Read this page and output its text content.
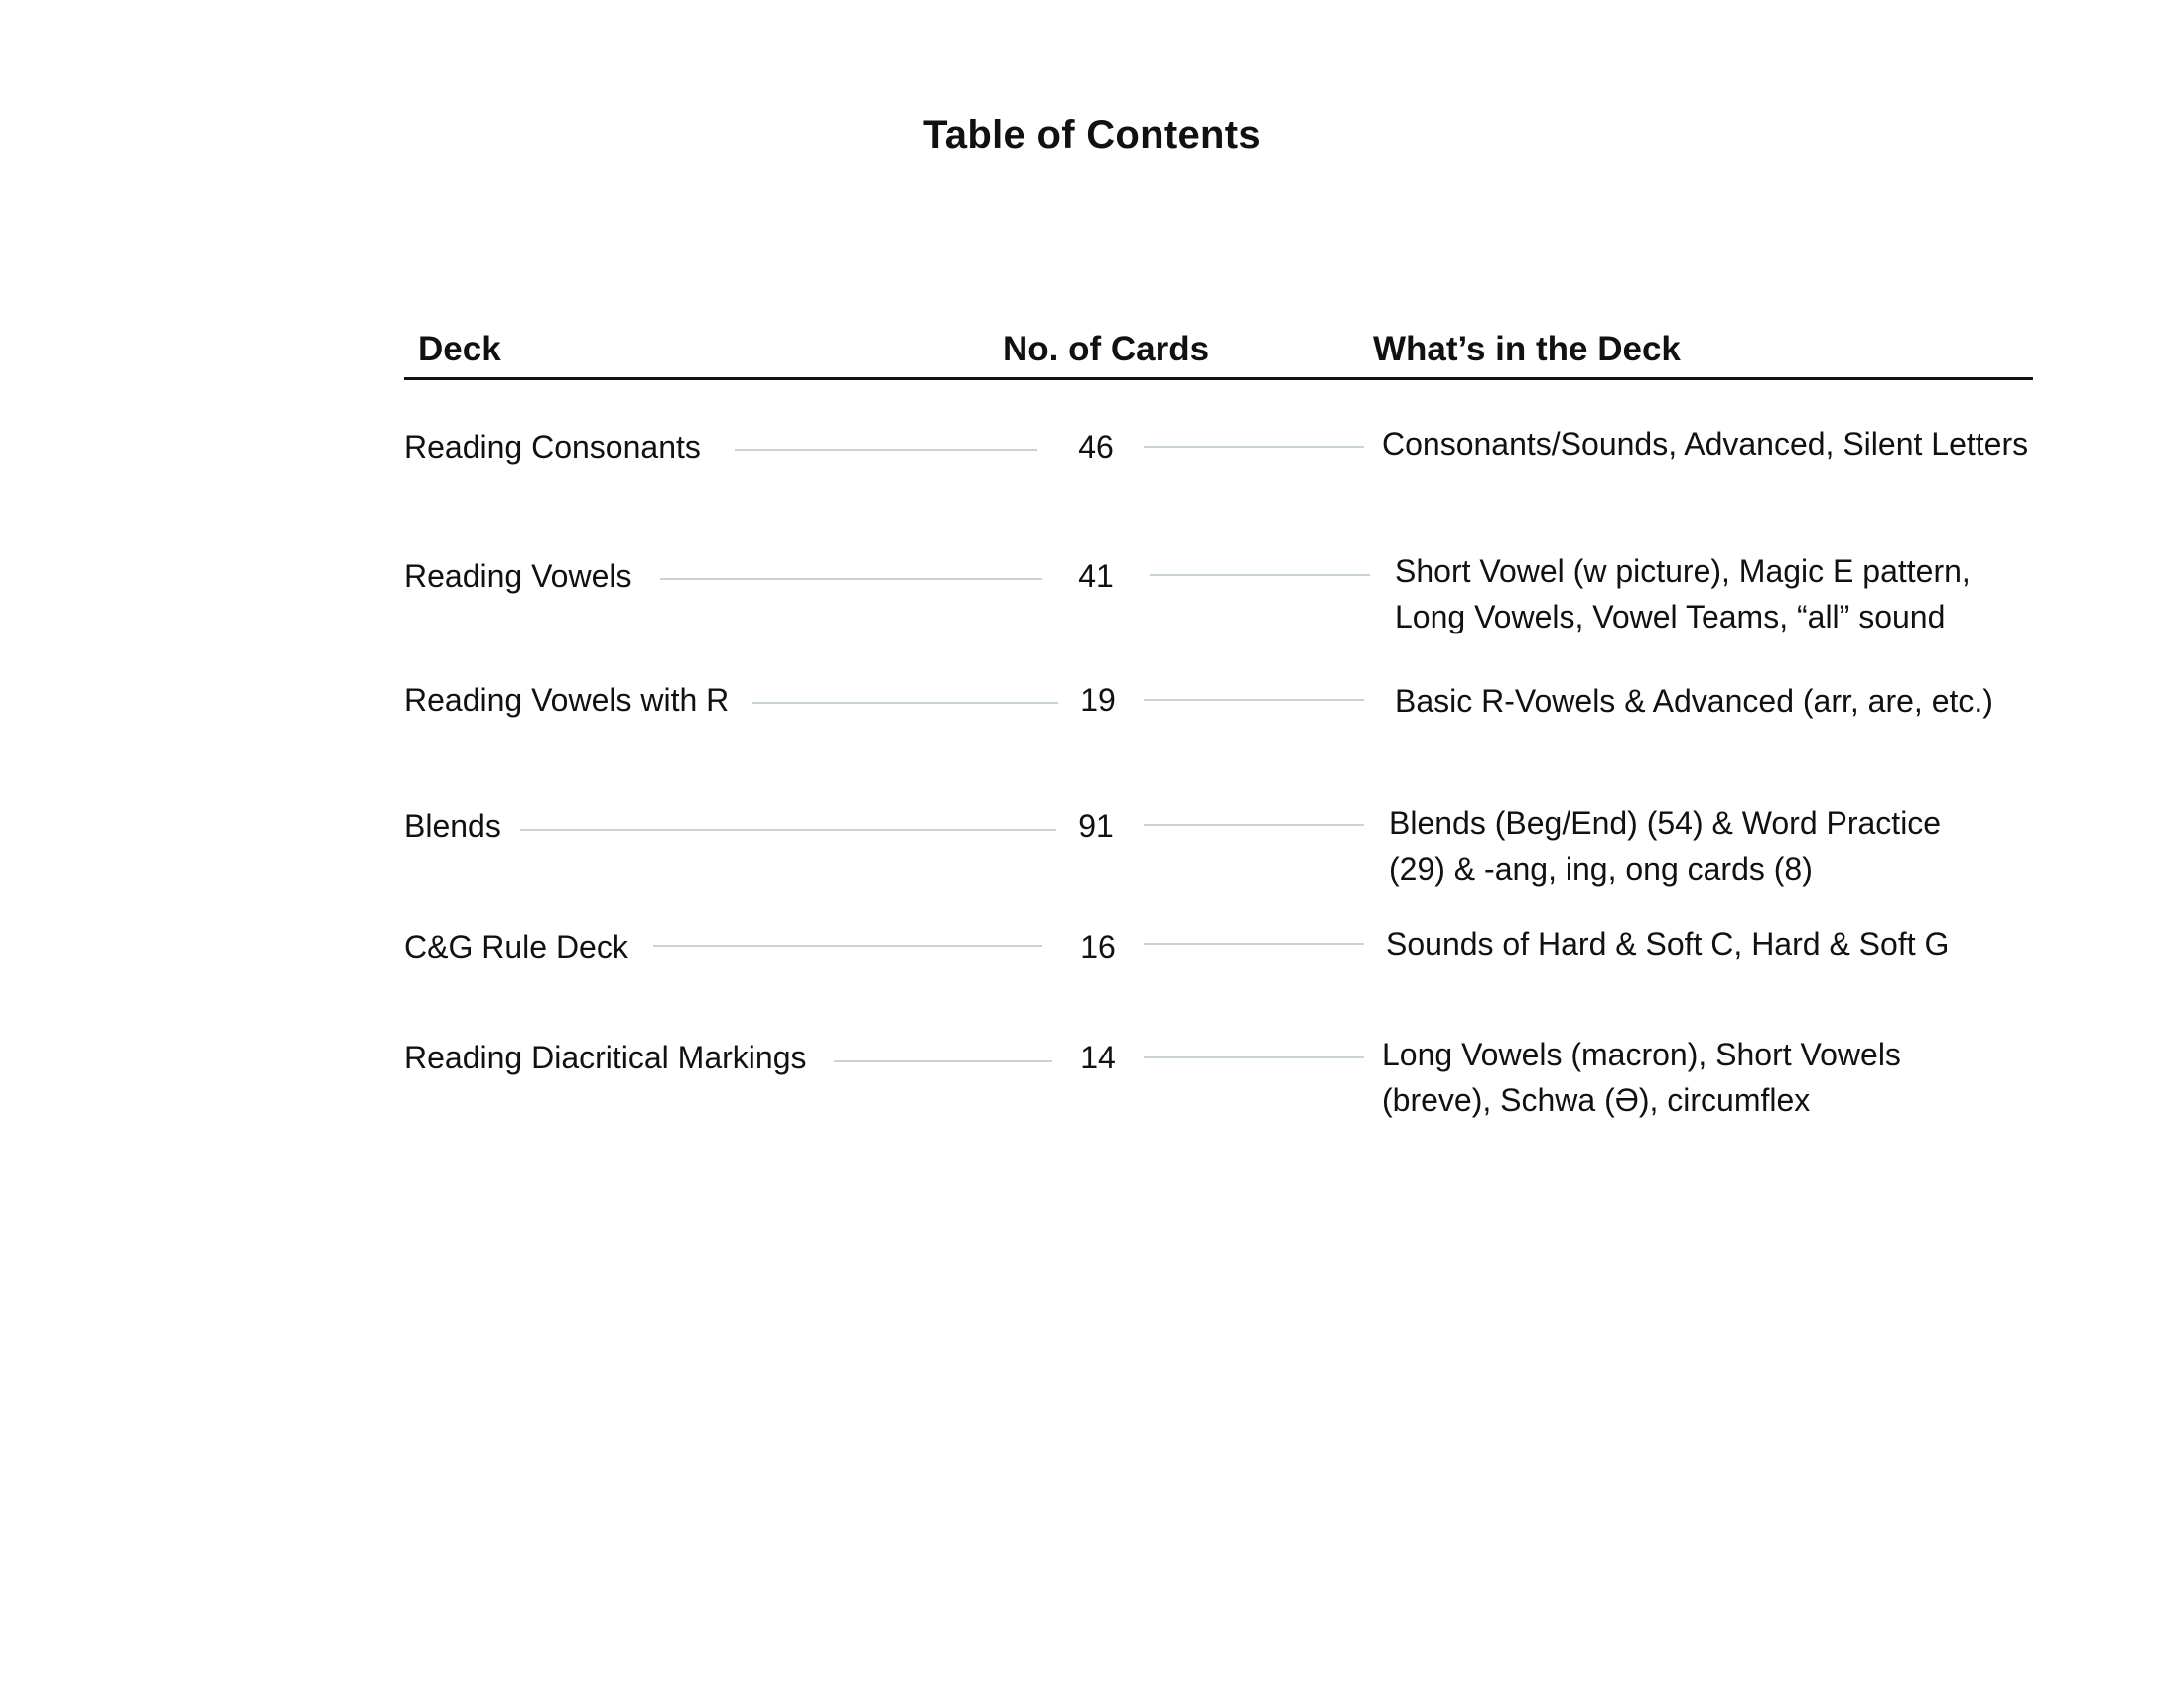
Table of Contents
Deck	No. of Cards	What’s in the Deck
Reading Consonants	46	Consonants/Sounds, Advanced, Silent Letters
Reading Vowels	41	Short Vowel (w picture), Magic E pattern,
Long Vowels, Vowel Teams, “all” sound
Reading Vowels with R	19	Basic R-Vowels & Advanced (arr, are, etc.)
Blends	91	Blends (Beg/End) (54) & Word Practice
(29) & -ang, ing, ong cards (8)
C&G Rule Deck	16	Sounds of Hard & Soft C, Hard & Soft G
Reading Diacritical Markings	14	Long Vowels (macron), Short Vowels
(breve), Schwa (Ə), circumflex
